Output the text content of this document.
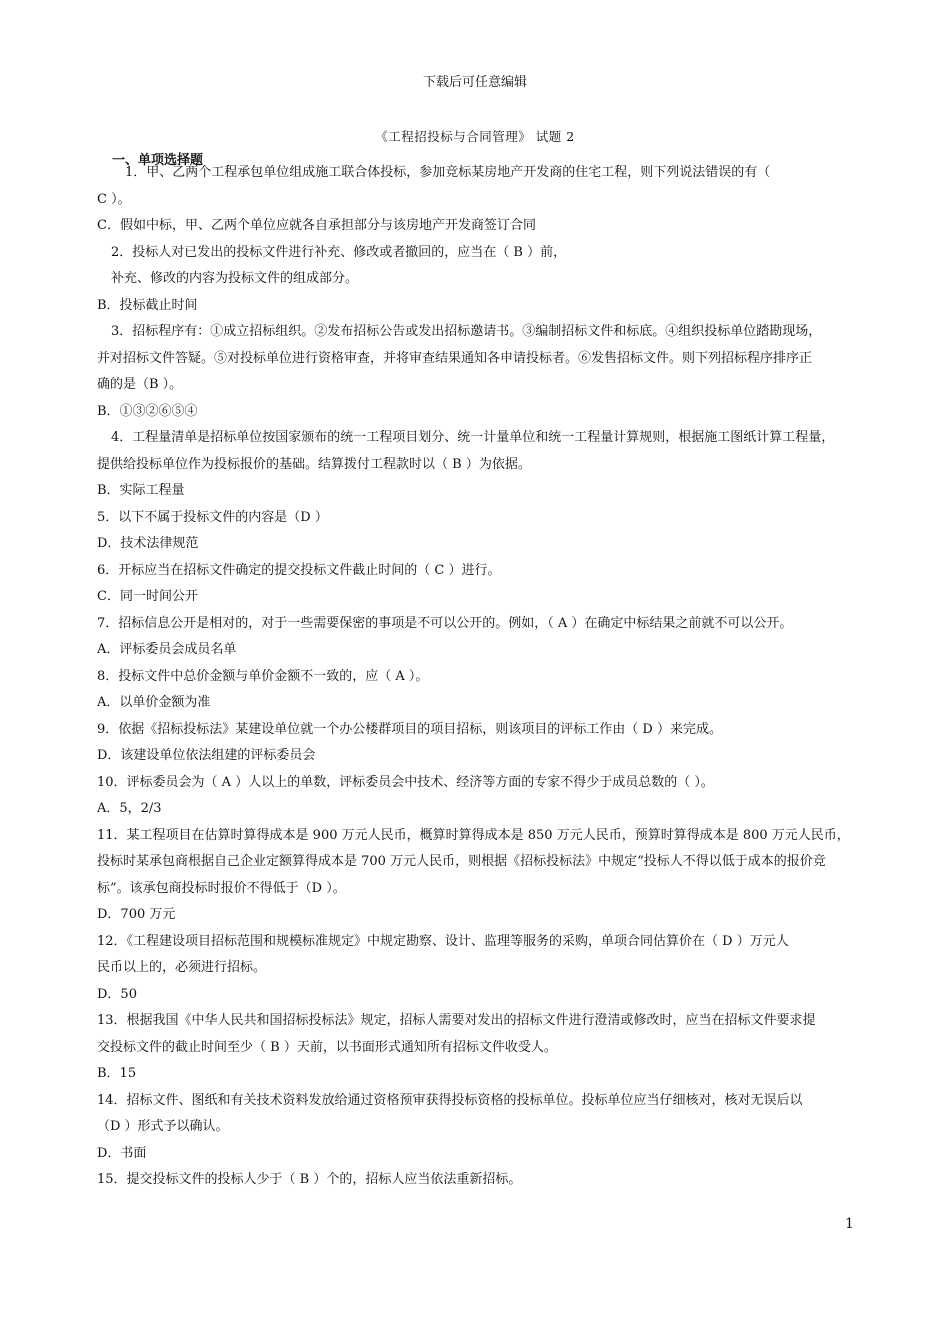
下载后可任意编辑
《工程招投标与合同管理》 试题 2
一、单项选择题
1．甲、乙两个工程承包单位组成施工联合体投标，参加竞标某房地产开发商的住宅工程，则下列说法错误的有（
C ）。
C．假如中标，甲、乙两个单位应就各自承担部分与该房地产开发商签订合同
2．投标人对已发出的投标文件进行补充、修改或者撤回的，应当在（ B ）前，
补充、修改的内容为投标文件的组成部分。
B．投标截止时间
3．招标程序有：①成立招标组织。②发布招标公告或发出招标邀请书。③编制招标文件和标底。④组织投标单位踏勘现场，
并对招标文件答疑。⑤对投标单位进行资格审查，并将审查结果通知各申请投标者。⑥发售招标文件。则下列招标程序排序正
确的是（B ）。
B．①③②⑥⑤④
4．工程量清单是招标单位按国家颁布的统一工程项目划分、统一计量单位和统一工程量计算规则，根据施工图纸计算工程量，
提供给投标单位作为投标报价的基础。结算拨付工程款时以（ B ）为依据。
B．实际工程量
5．以下不属于投标文件的内容是（D ）
D．技术法律规范
6．开标应当在招标文件确定的提交投标文件截止时间的（ C ）进行。
C．同一时间公开
7．招标信息公开是相对的，对于一些需要保密的事项是不可以公开的。例如，（ A ）在确定中标结果之前就不可以公开。
A．评标委员会成员名单
8．投标文件中总价金额与单价金额不一致的，应（ A ）。
A．以单价金额为准
9．依据《招标投标法》某建设单位就一个办公楼群项目的项目招标，则该项目的评标工作由（ D ）来完成。
D．该建设单位依法组建的评标委员会
10．评标委员会为（ A ）人以上的单数，评标委员会中技术、经济等方面的专家不得少于成员总数的（ ）。
A．5，2/3
11．某工程项目在估算时算得成本是 900 万元人民币，概算时算得成本是 850 万元人民币，预算时算得成本是 800 万元人民币，
投标时某承包商根据自己企业定额算得成本是 700 万元人民币，则根据《招标投标法》中规定“投标人不得以低于成本的报价竞
标”。该承包商投标时报价不得低于（D ）。
D．700 万元
12．《工程建设项目招标范围和规模标准规定》中规定勘察、设计、监理等服务的采购，单项合同估算价在（ D ）万元人
民币以上的，必须进行招标。
D．50
13．根据我国《中华人民共和国招标投标法》规定，招标人需要对发出的招标文件进行澄清或修改时，应当在招标文件要求提
交投标文件的截止时间至少（ B ）天前，以书面形式通知所有招标文件收受人。
B．15
14．招标文件、图纸和有关技术资料发放给通过资格预审获得投标资格的投标单位。投标单位应当仔细核对，核对无误后以
（D ）形式予以确认。
D．书面
15．提交投标文件的投标人少于（ B ）个的，招标人应当依法重新招标。
1
